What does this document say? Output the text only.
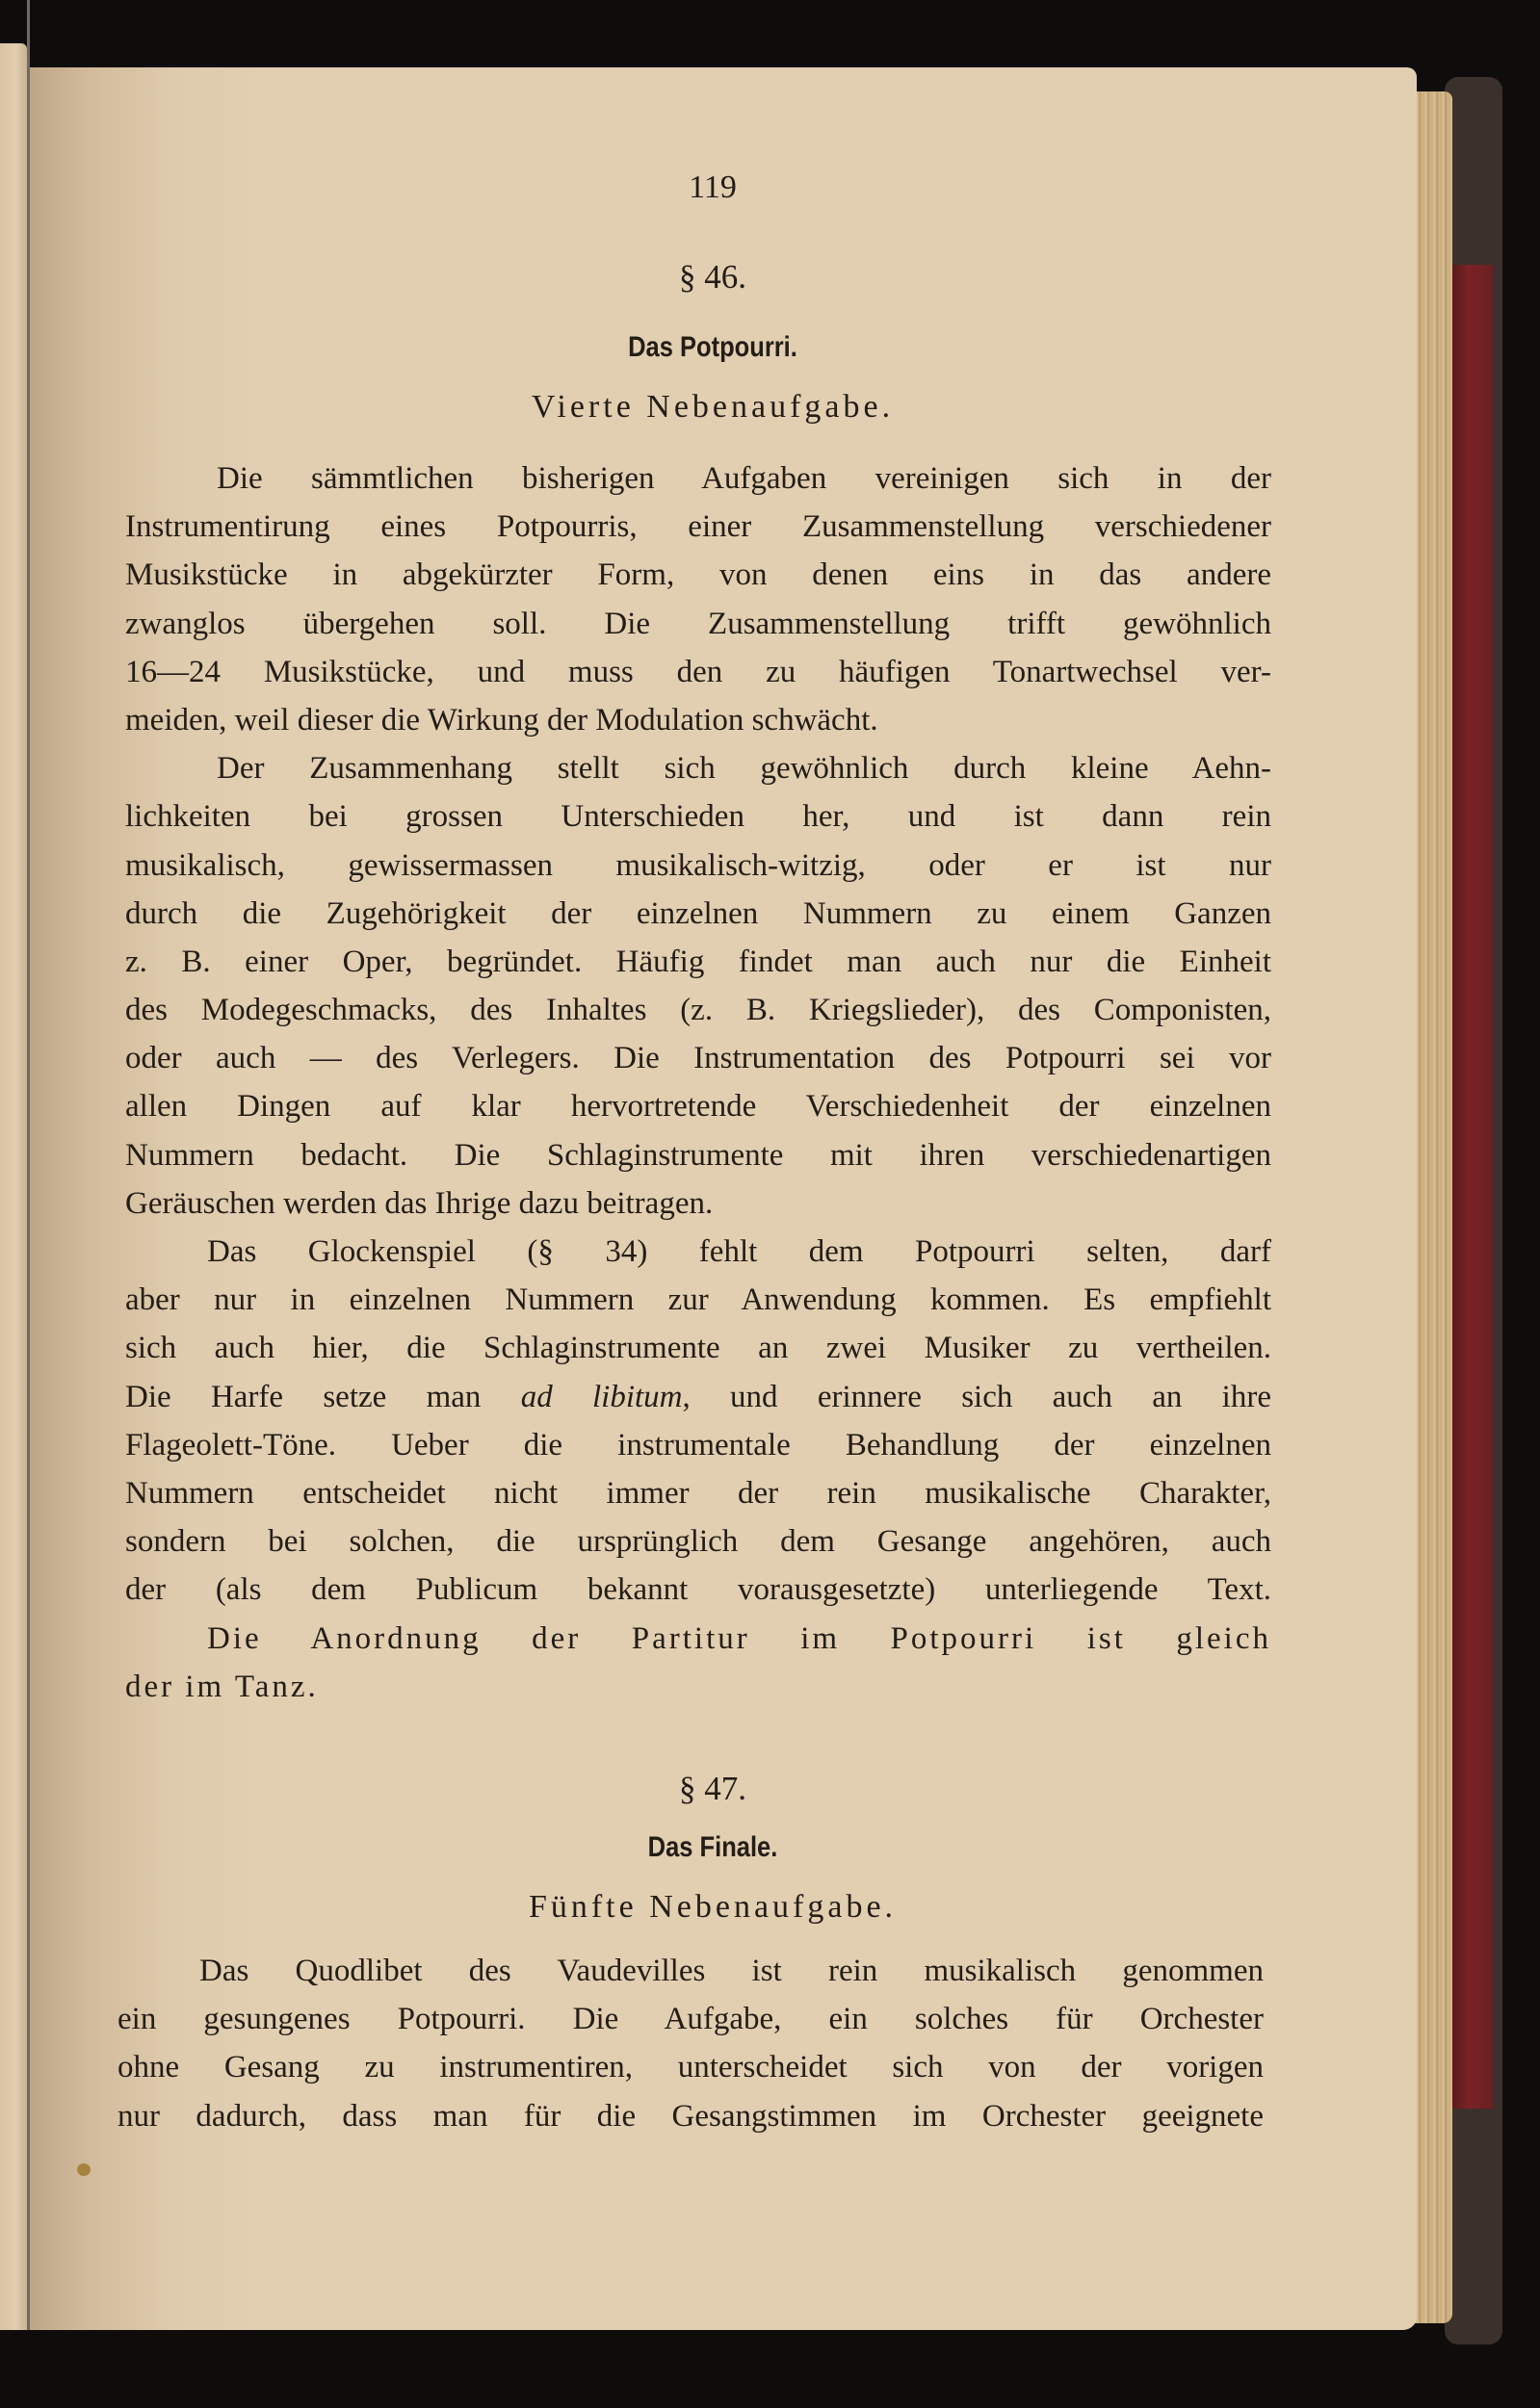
119
§ 46.
Das Potpourri.
Vierte Nebenaufgabe.
Die sämmtlichen bisherigen Aufgaben vereinigen sich in der
Instrumentirung eines Potpourris, einer Zusammenstellung verschiedener
Musikstücke in abgekürzter Form, von denen eins in das andere
zwanglos übergehen soll. Die Zusammenstellung trifft gewöhnlich
16—24 Musikstücke, und muss den zu häufigen Tonartwechsel ver-
meiden, weil dieser die Wirkung der Modulation schwächt.
Der Zusammenhang stellt sich gewöhnlich durch kleine Aehn-
lichkeiten bei grossen Unterschieden her, und ist dann rein
musikalisch, gewissermassen musikalisch-witzig, oder er ist nur
durch die Zugehörigkeit der einzelnen Nummern zu einem Ganzen
z. B. einer Oper, begründet. Häufig findet man auch nur die Einheit
des Modegeschmacks, des Inhaltes (z. B. Kriegslieder), des Componisten,
oder auch — des Verlegers. Die Instrumentation des Potpourri sei vor
allen Dingen auf klar hervortretende Verschiedenheit der einzelnen
Nummern bedacht. Die Schlaginstrumente mit ihren verschiedenartigen
Geräuschen werden das Ihrige dazu beitragen.
Das Glockenspiel (§ 34) fehlt dem Potpourri selten, darf
aber nur in einzelnen Nummern zur Anwendung kommen. Es empfiehlt
sich auch hier, die Schlaginstrumente an zwei Musiker zu vertheilen.
Die Harfe setze man ad libitum, und erinnere sich auch an ihre
Flageolett-Töne. Ueber die instrumentale Behandlung der einzelnen
Nummern entscheidet nicht immer der rein musikalische Charakter,
sondern bei solchen, die ursprünglich dem Gesange angehören, auch
der (als dem Publicum bekannt vorausgesetzte) unterliegende Text.
Die Anordnung der Partitur im Potpourri ist gleich
der im Tanz.
§ 47.
Das Finale.
Fünfte Nebenaufgabe.
Das Quodlibet des Vaudevilles ist rein musikalisch genommen
ein gesungenes Potpourri. Die Aufgabe, ein solches für Orchester
ohne Gesang zu instrumentiren, unterscheidet sich von der vorigen
nur dadurch, dass man für die Gesangstimmen im Orchester geeignete
